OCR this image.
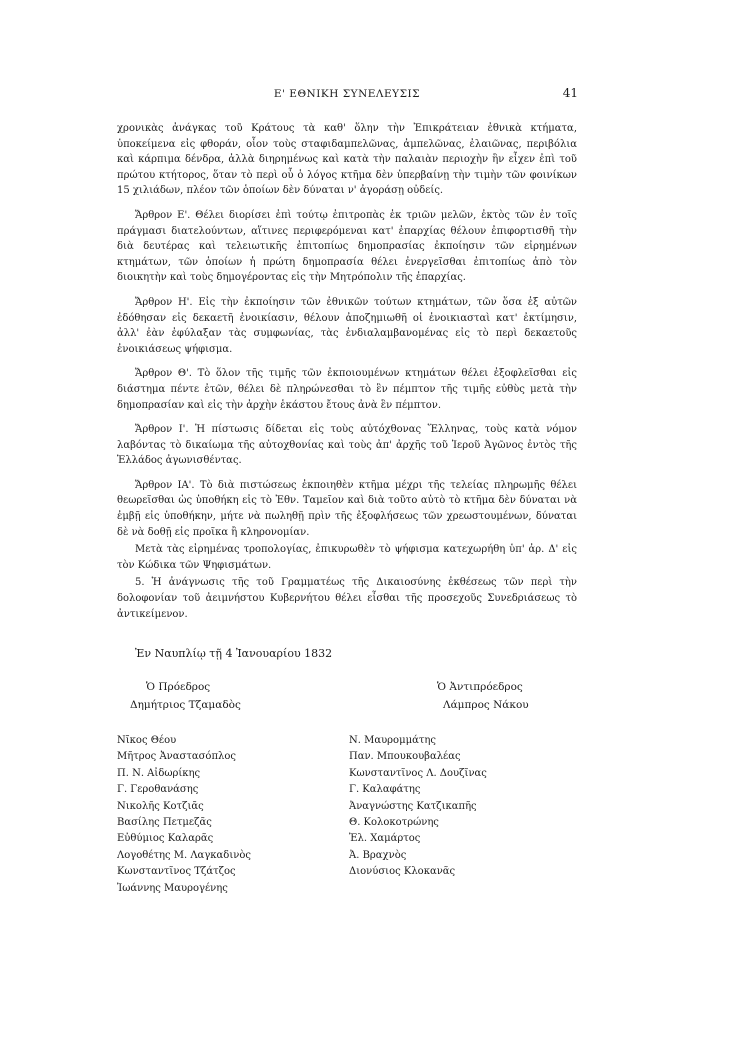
Ε' ΕΘΝΙΚΗ ΣΥΝΕΛΕΥΣΙΣ	41

χρονικὰς ἀνάγκας τοῦ Κράτους τὰ καθ' ὅλην τὴν Ἐπικράτειαν ἐθνικὰ κτήματα, ὑποκείμενα εἰς φθοράν, οἷον τοὺς σταφιδαμπελῶνας, ἀμπελῶνας, ἐλαιῶνας, περιβόλια καὶ κάρπιμα δένδρα, ἀλλὰ διηρημένως καὶ κατὰ τὴν παλαιὰν περιοχὴν ἣν εἶχεν ἐπὶ τοῦ πρώτου κτήτορος, ὅταν τὸ περὶ οὗ ὁ λόγος κτῆμα δὲν ὑπερβαίνῃ τὴν τιμὴν τῶν φοινίκων 15 χιλιάδων, πλέον τῶν ὁποίων δὲν δύναται ν' ἀγοράσῃ οὐδείς.

Ἄρθρον Ε'. Θέλει διορίσει ἐπὶ τούτῳ ἐπιτροπὰς ἐκ τριῶν μελῶν, ἐκτὸς τῶν ἐν τοῖς πράγμασι διατελούντων, αἵτινες περιφερόμεναι κατ' ἐπαρχίας θέλουν ἐπιφορτισθῆ τὴν διὰ δευτέρας καὶ τελειωτικῆς ἐπιτοπίως δημοπρασίας ἐκποίησιν τῶν εἰρημένων κτημάτων, τῶν ὁποίων ἡ πρώτη δημοπρασία θέλει ἐνεργεῖσθαι ἐπιτοπίως ἀπὸ τὸν διοικητὴν καὶ τοὺς δημογέροντας εἰς τὴν Μητρόπολιν τῆς ἐπαρχίας.

Ἄρθρον Η'. Εἰς τὴν ἐκποίησιν τῶν ἐθνικῶν τούτων κτημάτων, τῶν ὅσα ἐξ αὐτῶν ἐδόθησαν εἰς δεκαετῆ ἐνοικίασιν, θέλουν ἀποζημιωθῆ οἱ ἐνοικιασταὶ κατ' ἐκτίμησιν, ἀλλ' ἐὰν ἐφύλαξαν τὰς συμφωνίας, τὰς ἐνδιαλαμβανομένας εἰς τὸ περὶ δεκαετοῦς ἐνοικιάσεως ψήφισμα.

Ἄρθρον Θ'. Τὸ ὅλον τῆς τιμῆς τῶν ἐκποιουμένων κτημάτων θέλει ἐξοφλεῖσθαι εἰς διάστημα πέντε ἐτῶν, θέλει δὲ πληρώνεσθαι τὸ ἓν πέμπτον τῆς τιμῆς εὐθὺς μετὰ τὴν δημοπρασίαν καὶ εἰς τὴν ἀρχὴν ἑκάστου ἔτους ἀνὰ ἓν πέμπτον.

Ἄρθρον Ι'. Ἡ πίστωσις δίδεται εἰς τοὺς αὐτόχθονας Ἕλληνας, τοὺς κατὰ νόμον λαβόντας τὸ δικαίωμα τῆς αὐτοχθονίας καὶ τοὺς ἀπ' ἀρχῆς τοῦ Ἱεροῦ Ἀγῶνος ἐντὸς τῆς Ἑλλάδος ἀγωνισθέντας.

Ἄρθρον ΙΑ'. Τὸ διὰ πιστώσεως ἐκποιηθὲν κτῆμα μέχρι τῆς τελείας πληρωμῆς θέλει θεωρεῖσθαι ὡς ὑποθήκη εἰς τὸ Ἐθν. Ταμεῖον καὶ διὰ τοῦτο αὐτὸ τὸ κτῆμα δὲν δύναται νὰ ἐμβῇ εἰς ὑποθήκην, μήτε νὰ πωληθῇ πρὶν τῆς ἐξοφλήσεως τῶν χρεωστουμένων, δύναται δὲ νὰ δοθῇ εἰς προῖκα ἢ κληρονομίαν.

Μετὰ τὰς εἰρημένας τροπολογίας, ἐπικυρωθὲν τὸ ψήφισμα κατεχωρήθη ὑπ' ἀρ. Δ' εἰς τὸν Κώδικα τῶν Ψηφισμάτων.

5. Ἡ ἀνάγνωσις τῆς τοῦ Γραμματέως τῆς Δικαιοσύνης ἐκθέσεως τῶν περὶ τὴν δολοφονίαν τοῦ ἀειμνήστου Κυβερνήτου θέλει εἶσθαι τῆς προσεχοῦς Συνεδριάσεως τὸ ἀντικείμενον.

Ἐν Ναυπλίῳ τῇ 4 Ἰανουαρίου 1832
Ὁ Πρόεδρος
Δημήτριος Τζαμαδὸς
Ὁ Ἀντιπρόεδρος
Λάμπρος Νάκου
Νῖκος Θέου
Μῆτρος Ἀναστασόπλος
Π. Ν. Αἰδωρίκης
Γ. Γεροθανάσης
Νικολῆς Κοτζιᾶς
Βασίλης Πετμεζᾶς
Εὐθύμιος Καλαρᾶς
Λογοθέτης Μ. Λαγκαδινὸς
Κωνσταντῖνος Τζάτζος
Ἰωάννης Μαυρογένης
Ν. Μαυρομμάτης
Παν. Μπουκουβαλέας
Κωνσταντῖνος Λ. Δουζῖνας
Γ. Καλαφάτης
Ἀναγνώστης Κατζικαπῆς
Θ. Κολοκοτρώνης
Ἐλ. Χαμάρτος
Ἀ. Βραχνὸς
Διονύσιος Κλοκανᾶς
